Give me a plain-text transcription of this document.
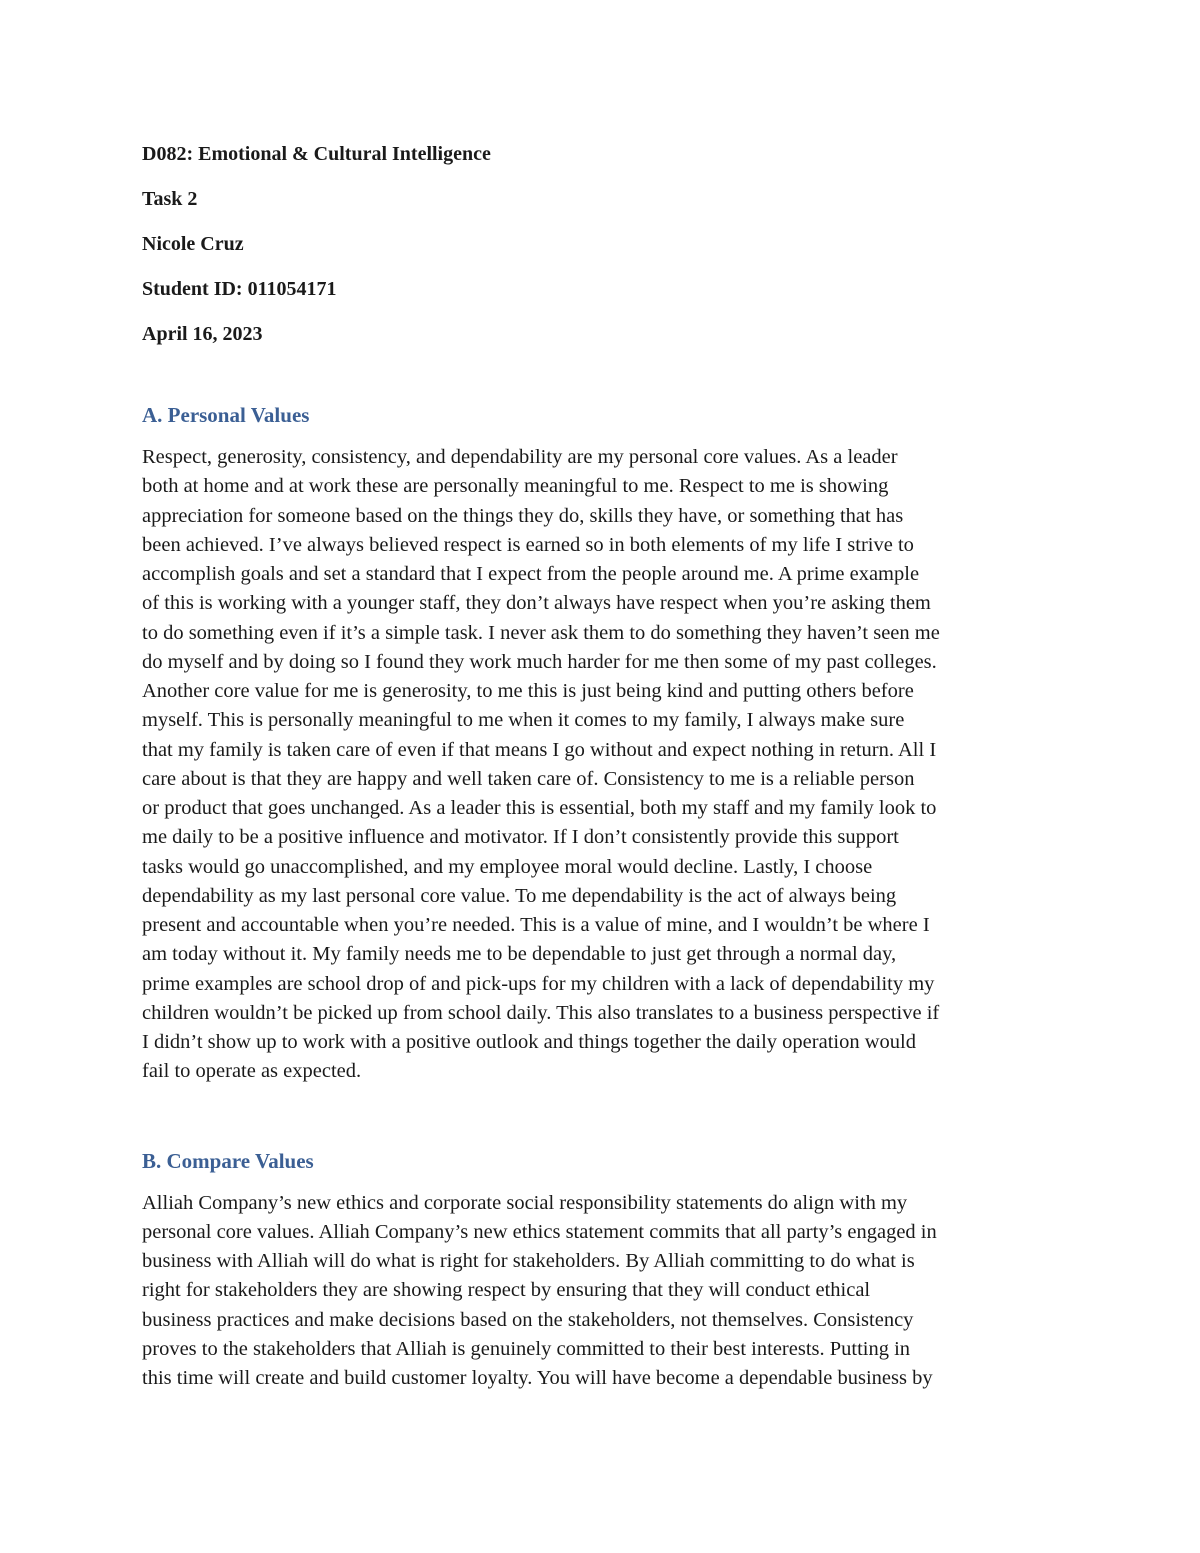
D082: Emotional & Cultural Intelligence
Task 2
Nicole Cruz
Student ID: 011054171
April 16, 2023
A. Personal Values

Respect, generosity, consistency, and dependability are my personal core values. As a leader
both at home and at work these are personally meaningful to me. Respect to me is showing
appreciation for someone based on the things they do, skills they have, or something that has
been achieved. I’ve always believed respect is earned so in both elements of my life I strive to
accomplish goals and set a standard that I expect from the people around me. A prime example
of this is working with a younger staff, they don’t always have respect when you’re asking them
to do something even if it’s a simple task. I never ask them to do something they haven’t seen me
do myself and by doing so I found they work much harder for me then some of my past colleges.
Another core value for me is generosity, to me this is just being kind and putting others before
myself. This is personally meaningful to me when it comes to my family, I always make sure
that my family is taken care of even if that means I go without and expect nothing in return. All I
care about is that they are happy and well taken care of. Consistency to me is a reliable person
or product that goes unchanged. As a leader this is essential, both my staff and my family look to
me daily to be a positive influence and motivator. If I don’t consistently provide this support
tasks would go unaccomplished, and my employee moral would decline. Lastly, I choose
dependability as my last personal core value. To me dependability is the act of always being
present and accountable when you’re needed. This is a value of mine, and I wouldn’t be where I
am today without it. My family needs me to be dependable to just get through a normal day,
prime examples are school drop of and pick-ups for my children with a lack of dependability my
children wouldn’t be picked up from school daily. This also translates to a business perspective if
I didn’t show up to work with a positive outlook and things together the daily operation would
fail to operate as expected.

B. Compare Values

Alliah Company’s new ethics and corporate social responsibility statements do align with my
personal core values. Alliah Company’s new ethics statement commits that all party’s engaged in
business with Alliah will do what is right for stakeholders. By Alliah committing to do what is
right for stakeholders they are showing respect by ensuring that they will conduct ethical
business practices and make decisions based on the stakeholders, not themselves. Consistency
proves to the stakeholders that Alliah is genuinely committed to their best interests. Putting in
this time will create and build customer loyalty. You will have become a dependable business by
